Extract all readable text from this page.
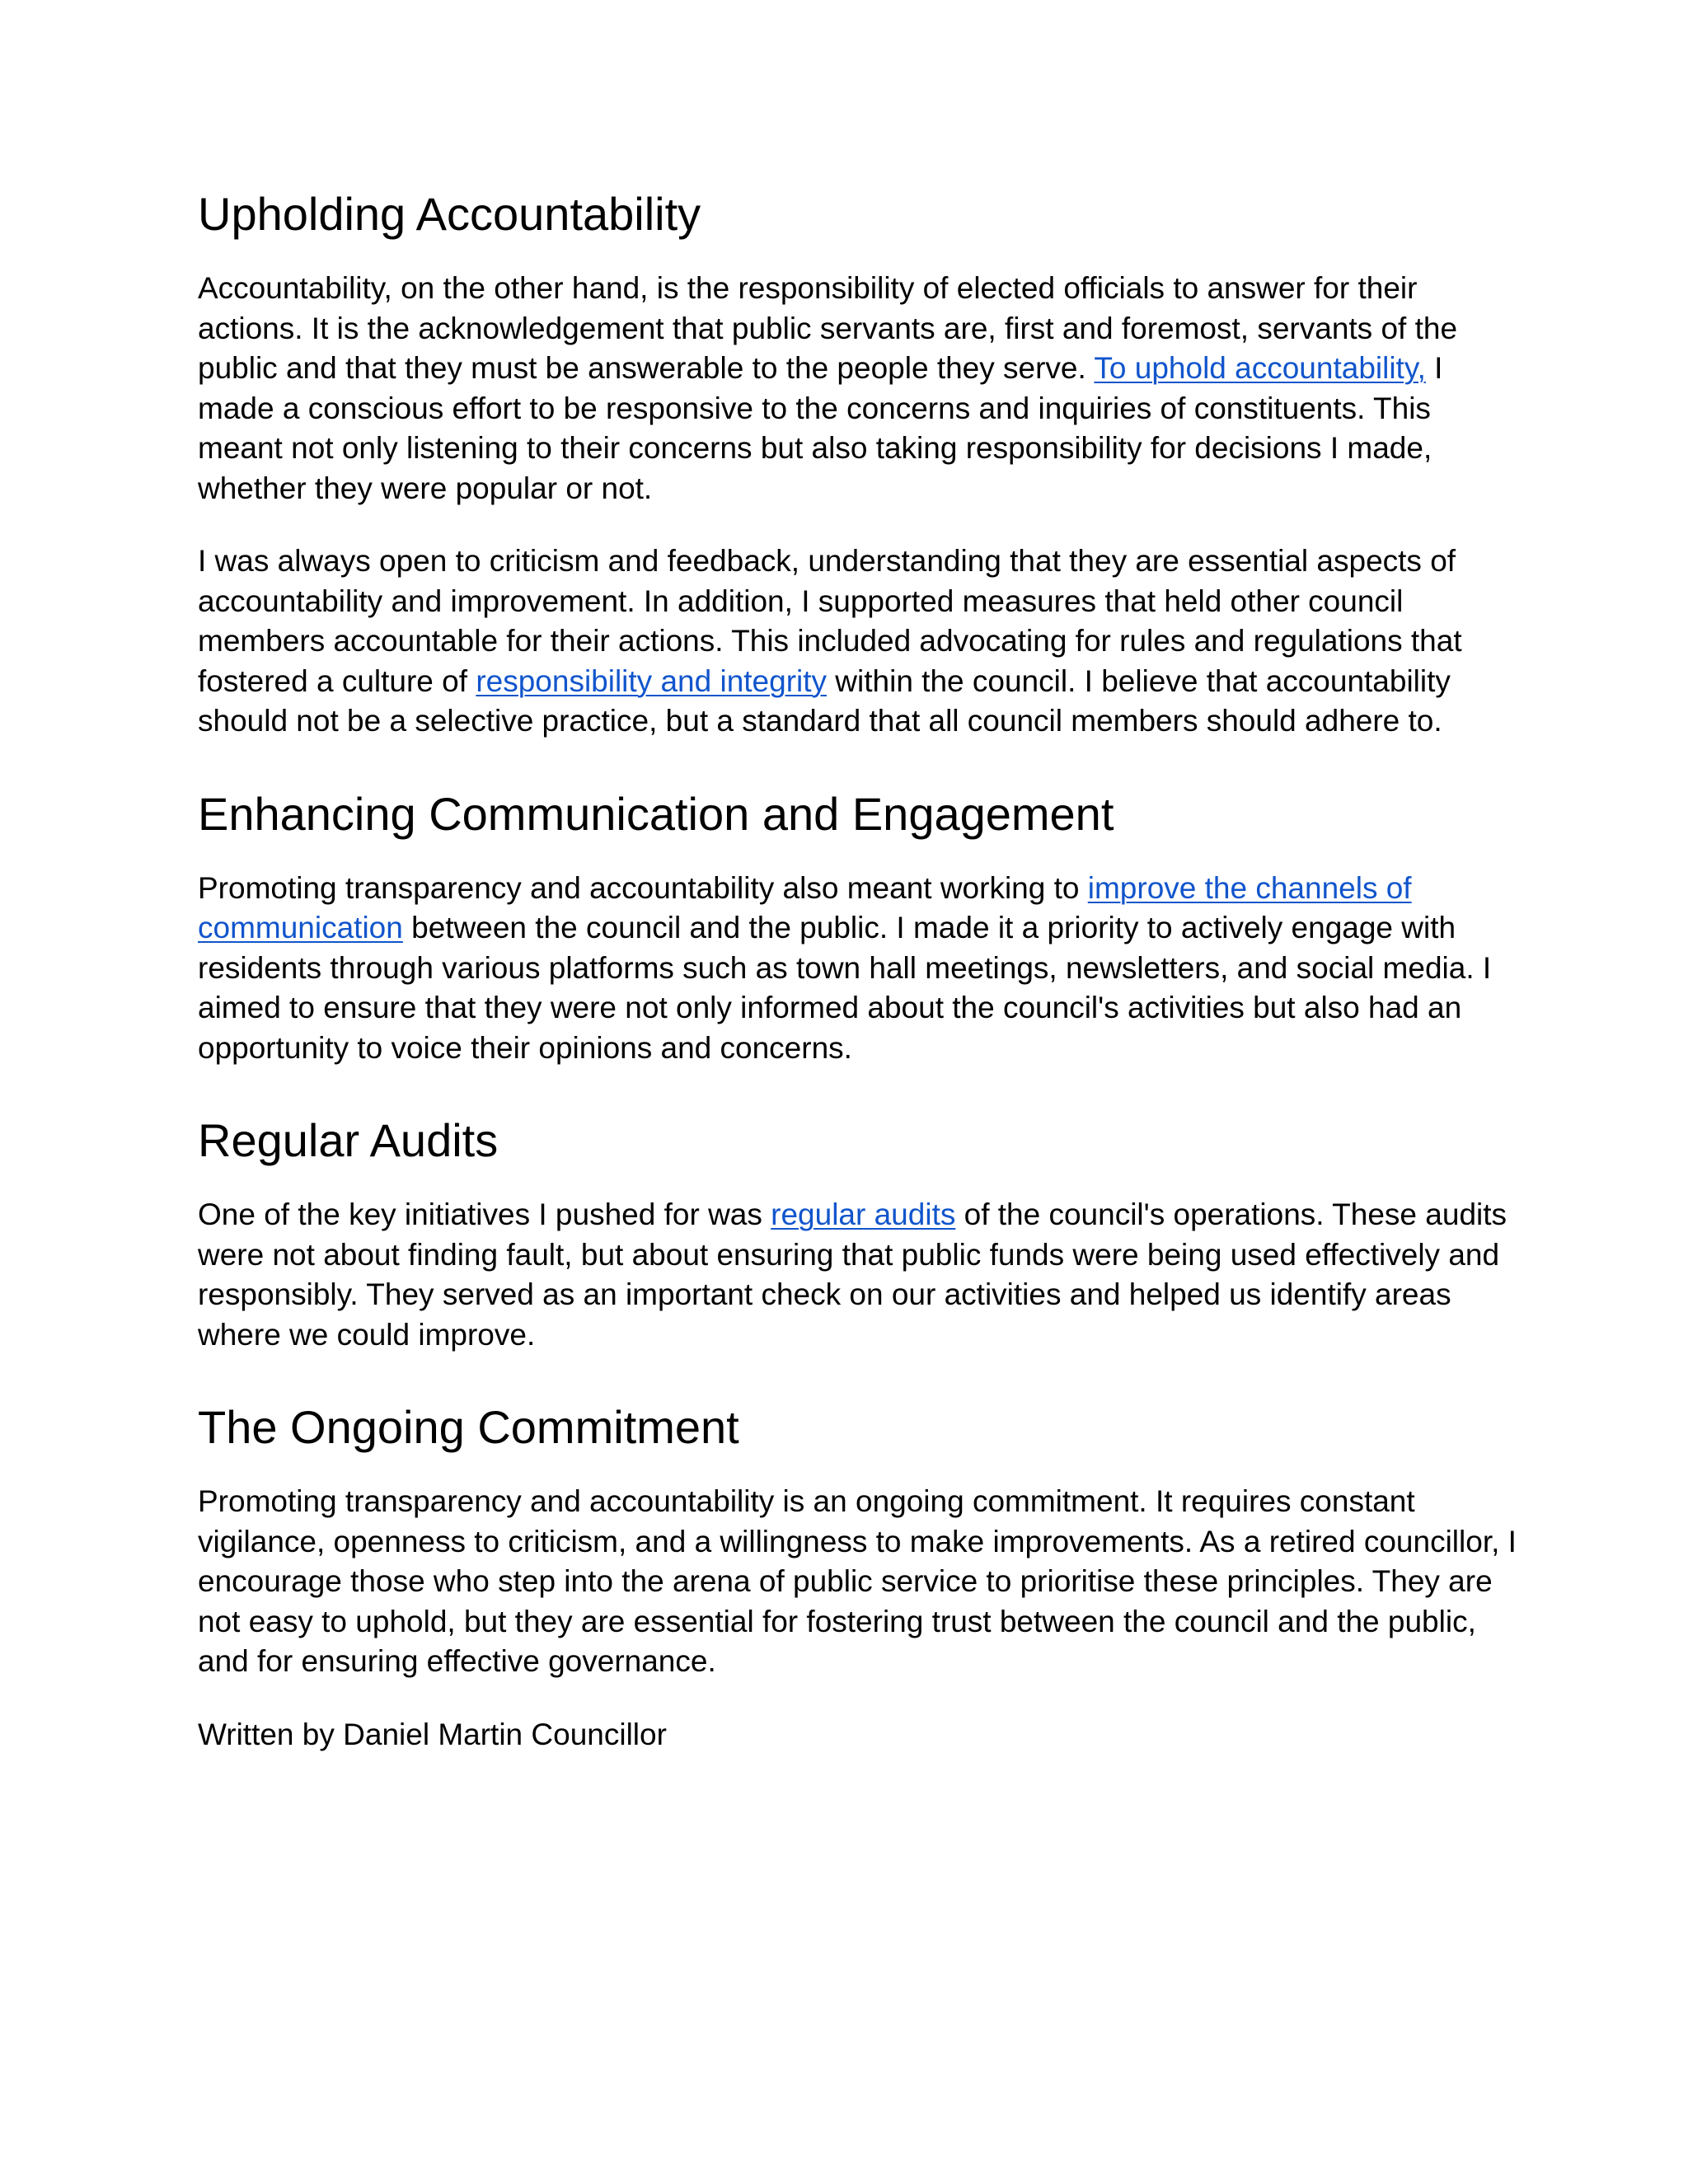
Upholding Accountability

Accountability, on the other hand, is the responsibility of elected officials to answer for their actions. It is the acknowledgement that public servants are, first and foremost, servants of the public and that they must be answerable to the people they serve. To uphold accountability, I made a conscious effort to be responsive to the concerns and inquiries of constituents. This meant not only listening to their concerns but also taking responsibility for decisions I made, whether they were popular or not.

I was always open to criticism and feedback, understanding that they are essential aspects of accountability and improvement. In addition, I supported measures that held other council members accountable for their actions. This included advocating for rules and regulations that fostered a culture of responsibility and integrity within the council. I believe that accountability should not be a selective practice, but a standard that all council members should adhere to.

Enhancing Communication and Engagement

Promoting transparency and accountability also meant working to improve the channels of communication between the council and the public. I made it a priority to actively engage with residents through various platforms such as town hall meetings, newsletters, and social media. I aimed to ensure that they were not only informed about the council's activities but also had an opportunity to voice their opinions and concerns.

Regular Audits

One of the key initiatives I pushed for was regular audits of the council's operations. These audits were not about finding fault, but about ensuring that public funds were being used effectively and responsibly. They served as an important check on our activities and helped us identify areas where we could improve.

The Ongoing Commitment

Promoting transparency and accountability is an ongoing commitment. It requires constant vigilance, openness to criticism, and a willingness to make improvements. As a retired councillor, I encourage those who step into the arena of public service to prioritise these principles. They are not easy to uphold, but they are essential for fostering trust between the council and the public, and for ensuring effective governance.

Written by Daniel Martin Councillor
